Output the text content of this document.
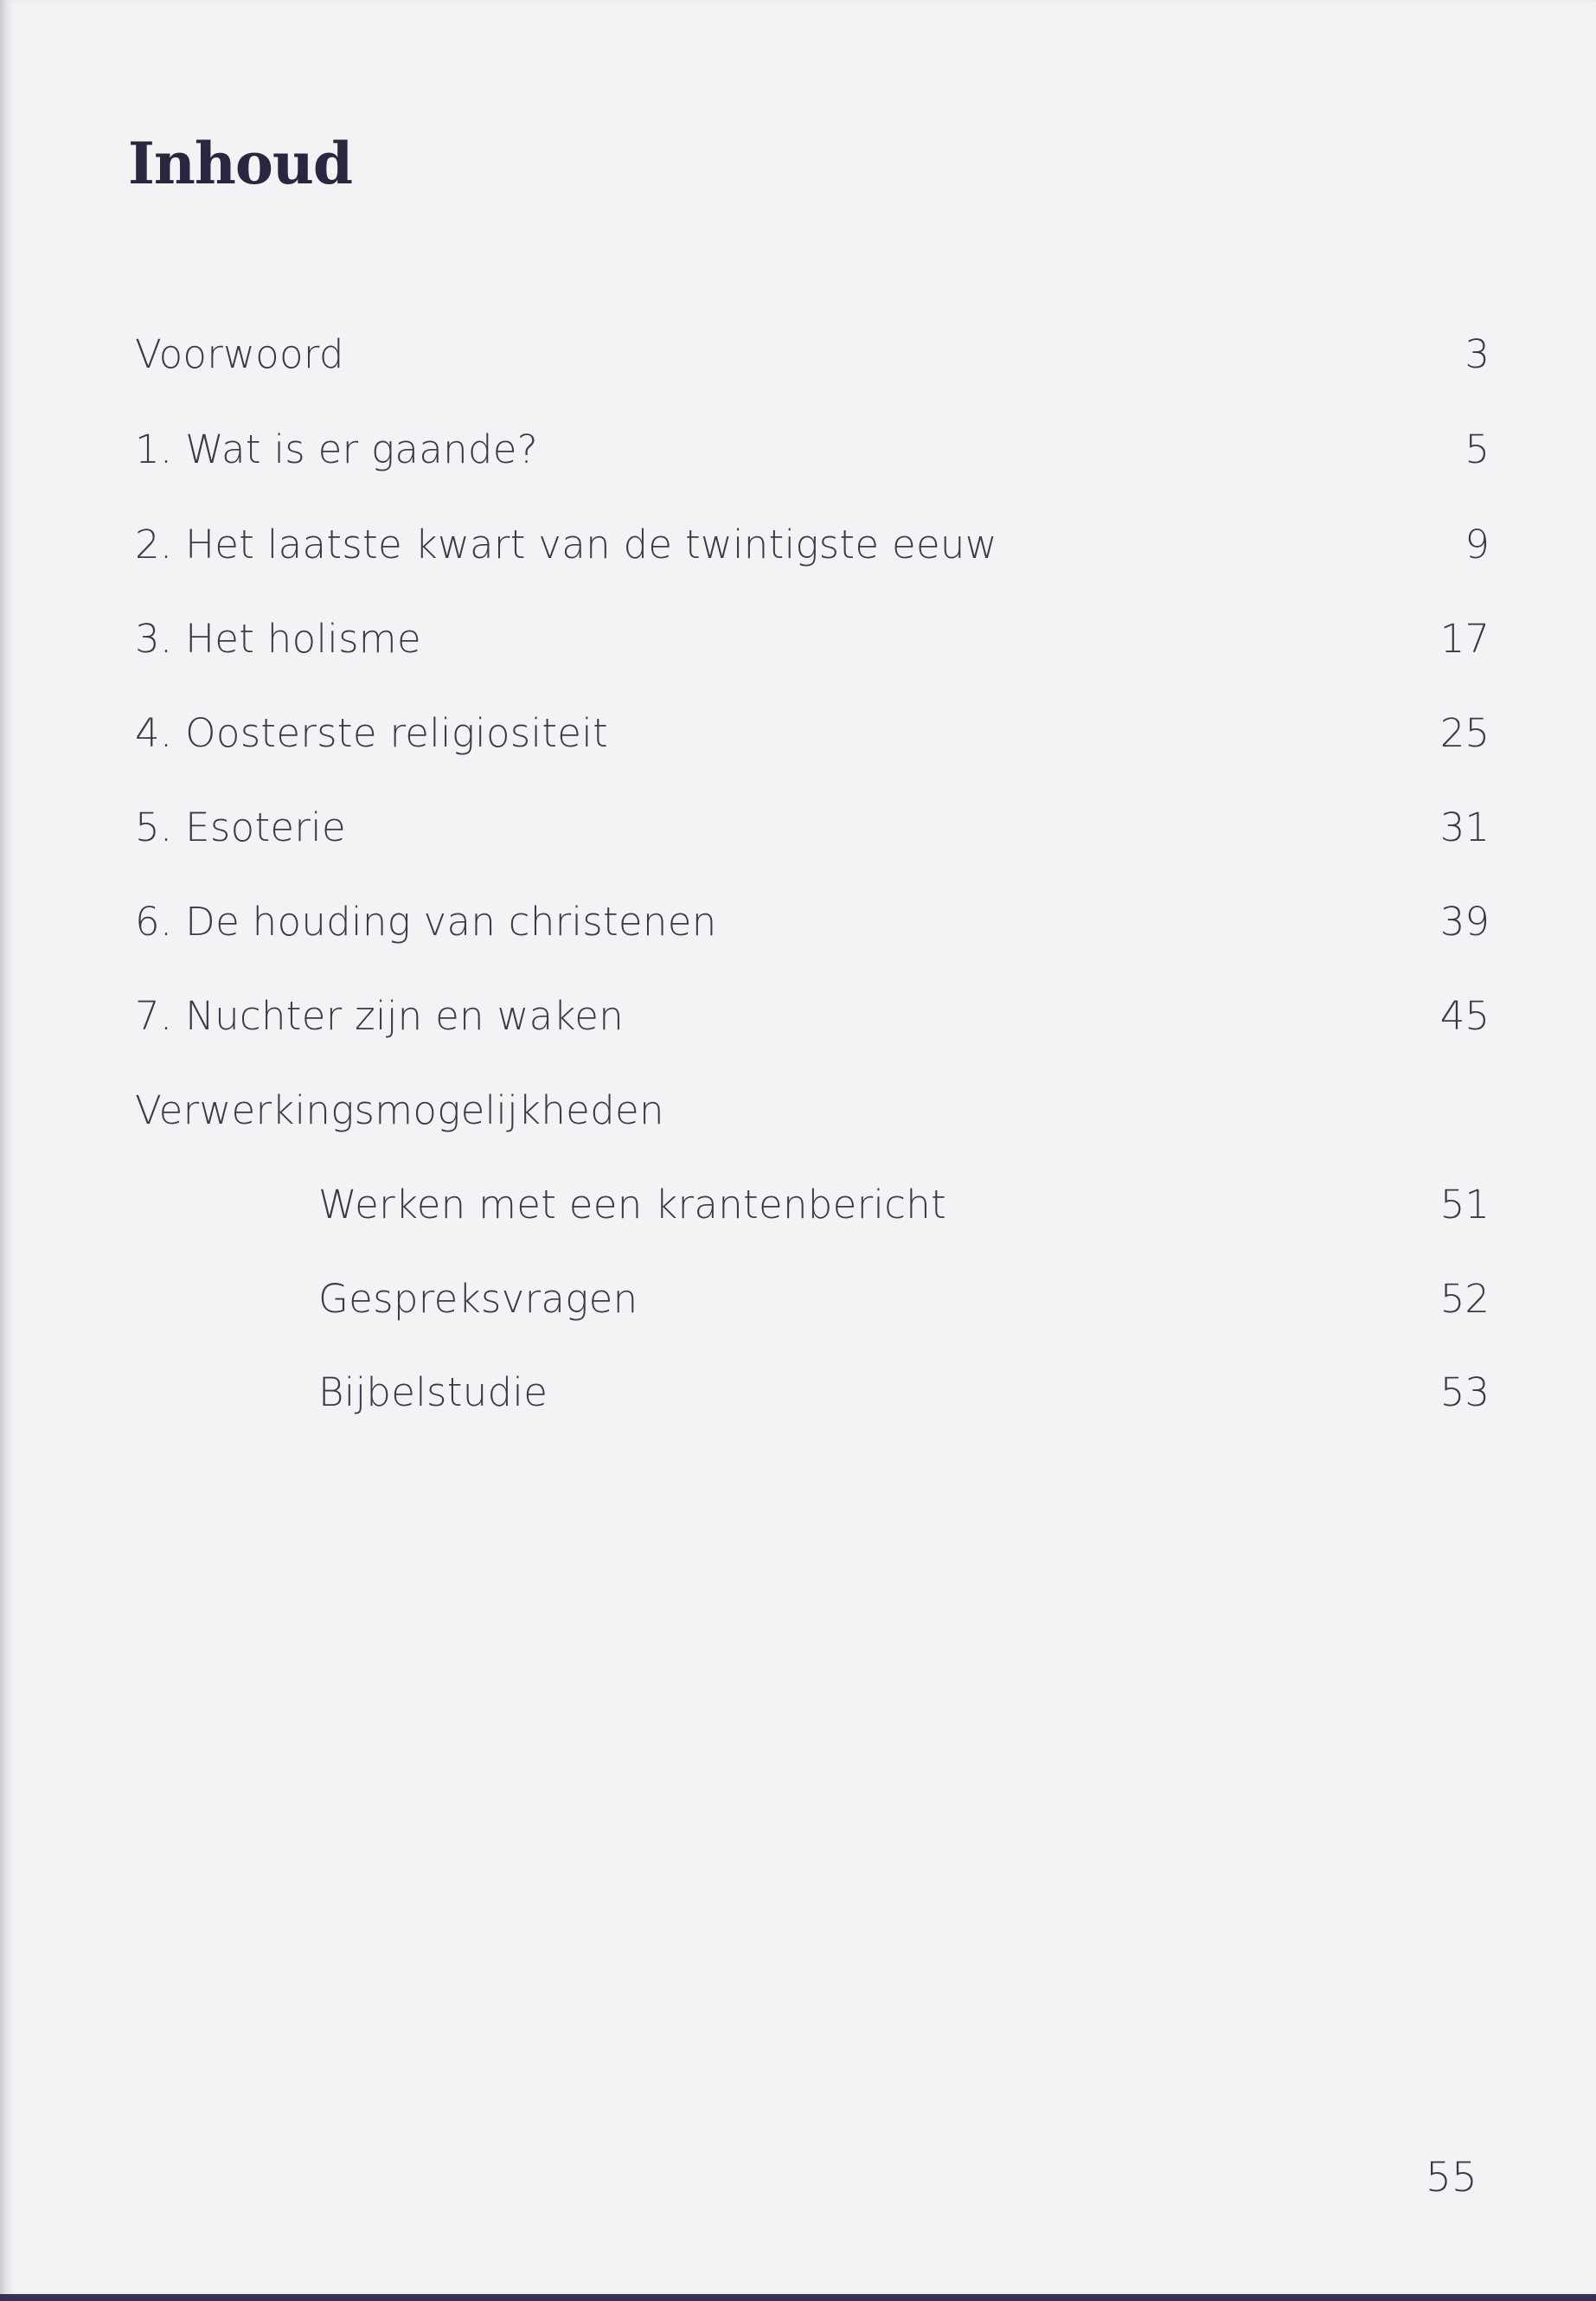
Inhoud
Voorwoord	3
1. Wat is er gaande?	5
2. Het laatste kwart van de twintigste eeuw	9
3. Het holisme	17
4. Oosterste religiositeit	25
5. Esoterie	31
6. De houding van christenen	39
7. Nuchter zijn en waken	45
Verwerkingsmogelijkheden
Werken met een krantenbericht	51
Gespreksvragen	52
Bijbelstudie	53
55
